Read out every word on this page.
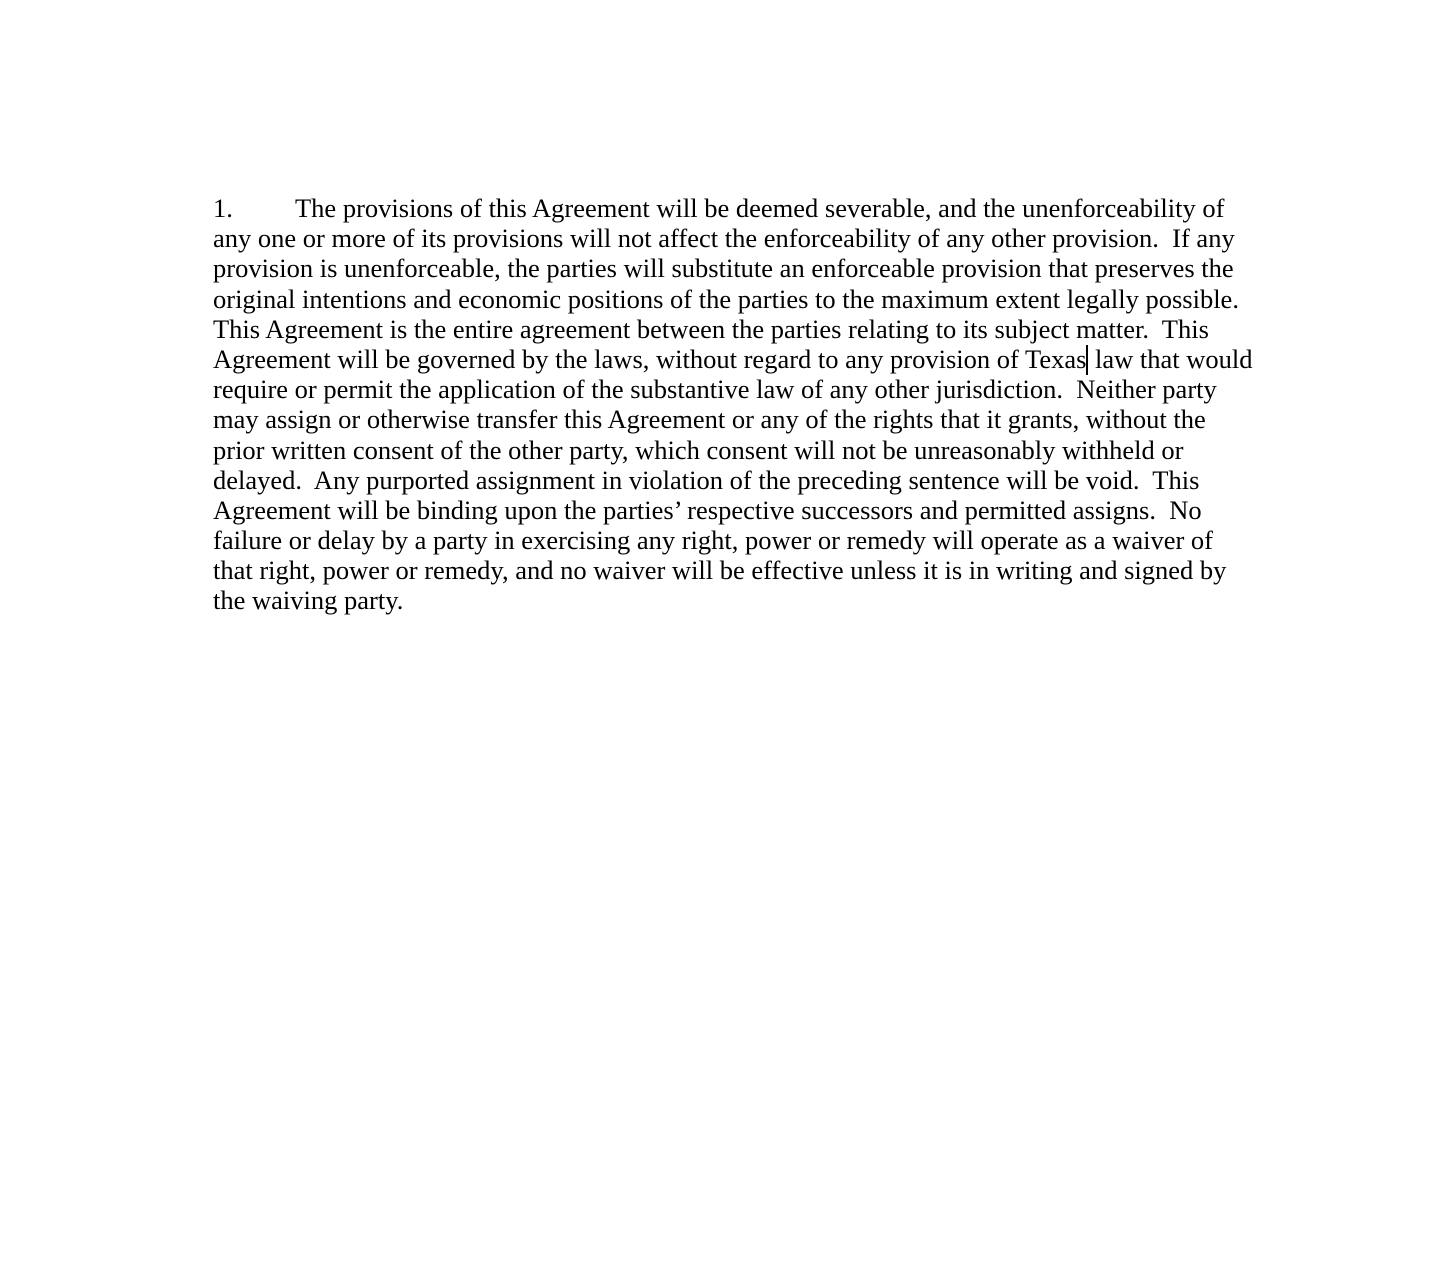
1. The provisions of this Agreement will be deemed severable, and the unenforceability of
any one or more of its provisions will not affect the enforceability of any other provision.  If any
provision is unenforceable, the parties will substitute an enforceable provision that preserves the
original intentions and economic positions of the parties to the maximum extent legally possible.
This Agreement is the entire agreement between the parties relating to its subject matter.  This
Agreement will be governed by the laws, without regard to any provision of Texas law that would
require or permit the application of the substantive law of any other jurisdiction.  Neither party
may assign or otherwise transfer this Agreement or any of the rights that it grants, without the
prior written consent of the other party, which consent will not be unreasonably withheld or
delayed.  Any purported assignment in violation of the preceding sentence will be void.  This
Agreement will be binding upon the parties’ respective successors and permitted assigns.  No
failure or delay by a party in exercising any right, power or remedy will operate as a waiver of
that right, power or remedy, and no waiver will be effective unless it is in writing and signed by
the waiving party.
